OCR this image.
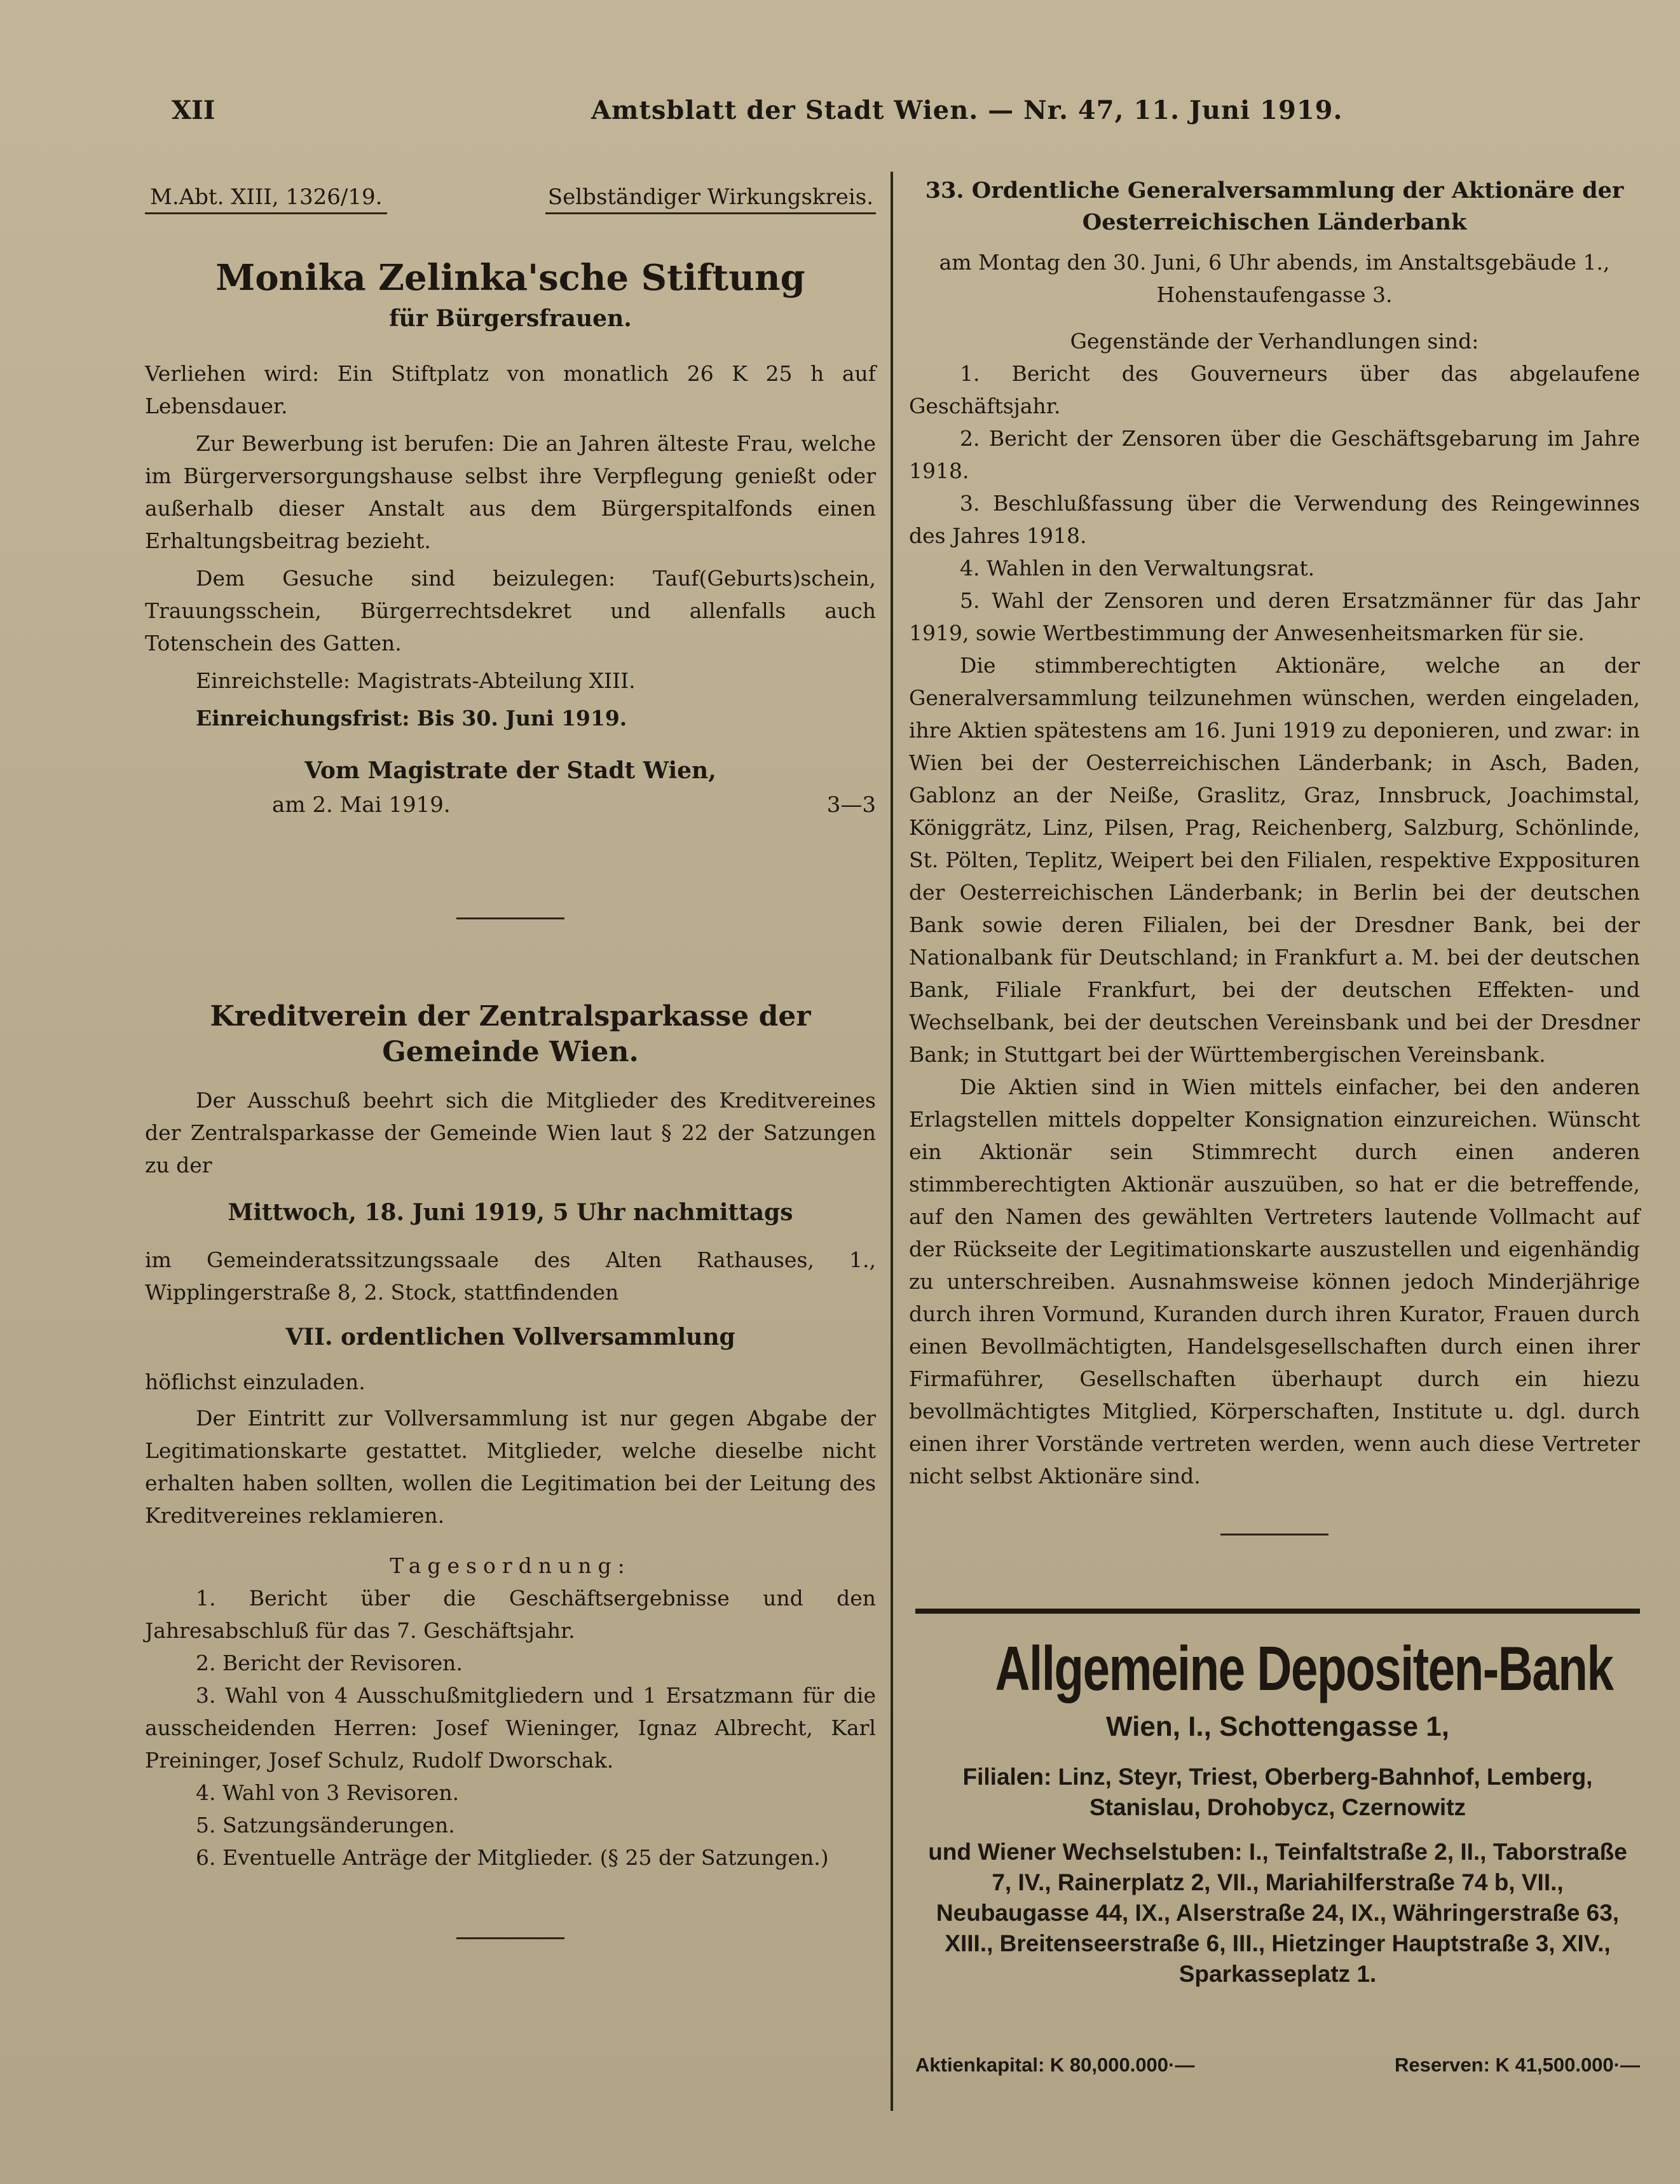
XII	Amtsblatt der Stadt Wien. — Nr. 47, 11. Juni 1919.
M.Abt. XIII, 1326/19.	Selbständiger Wirkungskreis.

Monika Zelinka'sche Stiftung

für Bürgersfrauen.

Verliehen wird: Ein Stiftplatz von monatlich 26 K 25 h auf Lebensdauer.

Zur Bewerbung ist berufen: Die an Jahren älteste Frau, welche im Bürgerversorgungshause selbst ihre Verpflegung genießt oder außerhalb dieser Anstalt aus dem Bürgerspitalfonds einen Erhaltungsbeitrag bezieht.

Dem Gesuche sind beizulegen: Tauf(Geburts)schein, Trauungsschein, Bürgerrechtsdekret und allenfalls auch Totenschein des Gatten.

Einreichstelle: Magistrats-Abteilung XIII.

Einreichungsfrist: Bis 30. Juni 1919.

Vom Magistrate der Stadt Wien,

am 2. Mai 1919.	3—3

Kreditverein der Zentralsparkasse der Gemeinde Wien.

Der Ausschuß beehrt sich die Mitglieder des Kreditvereines der Zentralsparkasse der Gemeinde Wien laut § 22 der Satzungen zu der

Mittwoch, 18. Juni 1919, 5 Uhr nachmittags

im Gemeinderatssitzungssaale des Alten Rathauses, 1., Wipplingerstraße 8, 2. Stock, stattfindenden

VII. ordentlichen Vollversammlung

höflichst einzuladen.

Der Eintritt zur Vollversammlung ist nur gegen Abgabe der Legitimationskarte gestattet. Mitglieder, welche dieselbe nicht erhalten haben sollten, wollen die Legitimation bei der Leitung des Kreditvereines reklamieren.

Tagesordnung:

1. Bericht über die Geschäftsergebnisse und den Jahresabschluß für das 7. Geschäftsjahr.

2. Bericht der Revisoren.

3. Wahl von 4 Ausschußmitgliedern und 1 Ersatzmann für die ausscheidenden Herren: Josef Wieninger, Ignaz Albrecht, Karl Preininger, Josef Schulz, Rudolf Dworschak.

4. Wahl von 3 Revisoren.

5. Satzungsänderungen.

6. Eventuelle Anträge der Mitglieder. (§ 25 der Satzungen.)

33. Ordentliche Generalversammlung der Aktionäre der Oesterreichischen Länderbank

am Montag den 30. Juni, 6 Uhr abends, im Anstaltsgebäude 1., Hohenstaufengasse 3.

Gegenstände der Verhandlungen sind:

1. Bericht des Gouverneurs über das abgelaufene Geschäftsjahr.

2. Bericht der Zensoren über die Geschäftsgebarung im Jahre 1918.

3. Beschlußfassung über die Verwendung des Reingewinnes des Jahres 1918.

4. Wahlen in den Verwaltungsrat.

5. Wahl der Zensoren und deren Ersatzmänner für das Jahr 1919, sowie Wertbestimmung der Anwesenheitsmarken für sie.

Die stimmberechtigten Aktionäre, welche an der Generalversammlung teilzunehmen wünschen, werden eingeladen, ihre Aktien spätestens am 16. Juni 1919 zu deponieren, und zwar: in Wien bei der Oesterreichischen Länderbank; in Asch, Baden, Gablonz an der Neiße, Graslitz, Graz, Innsbruck, Joachimstal, Königgrätz, Linz, Pilsen, Prag, Reichenberg, Salzburg, Schönlinde, St. Pölten, Teplitz, Weipert bei den Filialen, respektive Expposituren der Oesterreichischen Länderbank; in Berlin bei der deutschen Bank sowie deren Filialen, bei der Dresdner Bank, bei der Nationalbank für Deutschland; in Frankfurt a. M. bei der deutschen Bank, Filiale Frankfurt, bei der deutschen Effekten- und Wechselbank, bei der deutschen Vereinsbank und bei der Dresdner Bank; in Stuttgart bei der Württembergischen Vereinsbank.

Die Aktien sind in Wien mittels einfacher, bei den anderen Erlagstellen mittels doppelter Konsignation einzureichen. Wünscht ein Aktionär sein Stimmrecht durch einen anderen stimmberechtigten Aktionär auszuüben, so hat er die betreffende, auf den Namen des gewählten Vertreters lautende Vollmacht auf der Rückseite der Legitimationskarte auszustellen und eigenhändig zu unterschreiben. Ausnahmsweise können jedoch Minderjährige durch ihren Vormund, Kuranden durch ihren Kurator, Frauen durch einen Bevollmächtigten, Handelsgesellschaften durch einen ihrer Firmaführer, Gesellschaften überhaupt durch ein hiezu bevollmächtigtes Mitglied, Körperschaften, Institute u. dgl. durch einen ihrer Vorstände vertreten werden, wenn auch diese Vertreter nicht selbst Aktionäre sind.

Allgemeine Depositen-Bank

Wien, I., Schottengasse 1,

Filialen: Linz, Steyr, Triest, Oberberg-Bahnhof, Lemberg, Stanislau, Drohobycz, Czernowitz

und Wiener Wechselstuben: I., Teinfaltstraße 2, II., Taborstraße 7, IV., Rainerplatz 2, VII., Mariahilferstraße 74 b, VII., Neubaugasse 44, IX., Alserstraße 24, IX., Währingerstraße 63, XIII., Breitenseerstraße 6, III., Hietzinger Hauptstraße 3, XIV., Sparkasseplatz 1.

Aktienkapital: K 80,000.000·—	Reserven: K 41,500.000·—
